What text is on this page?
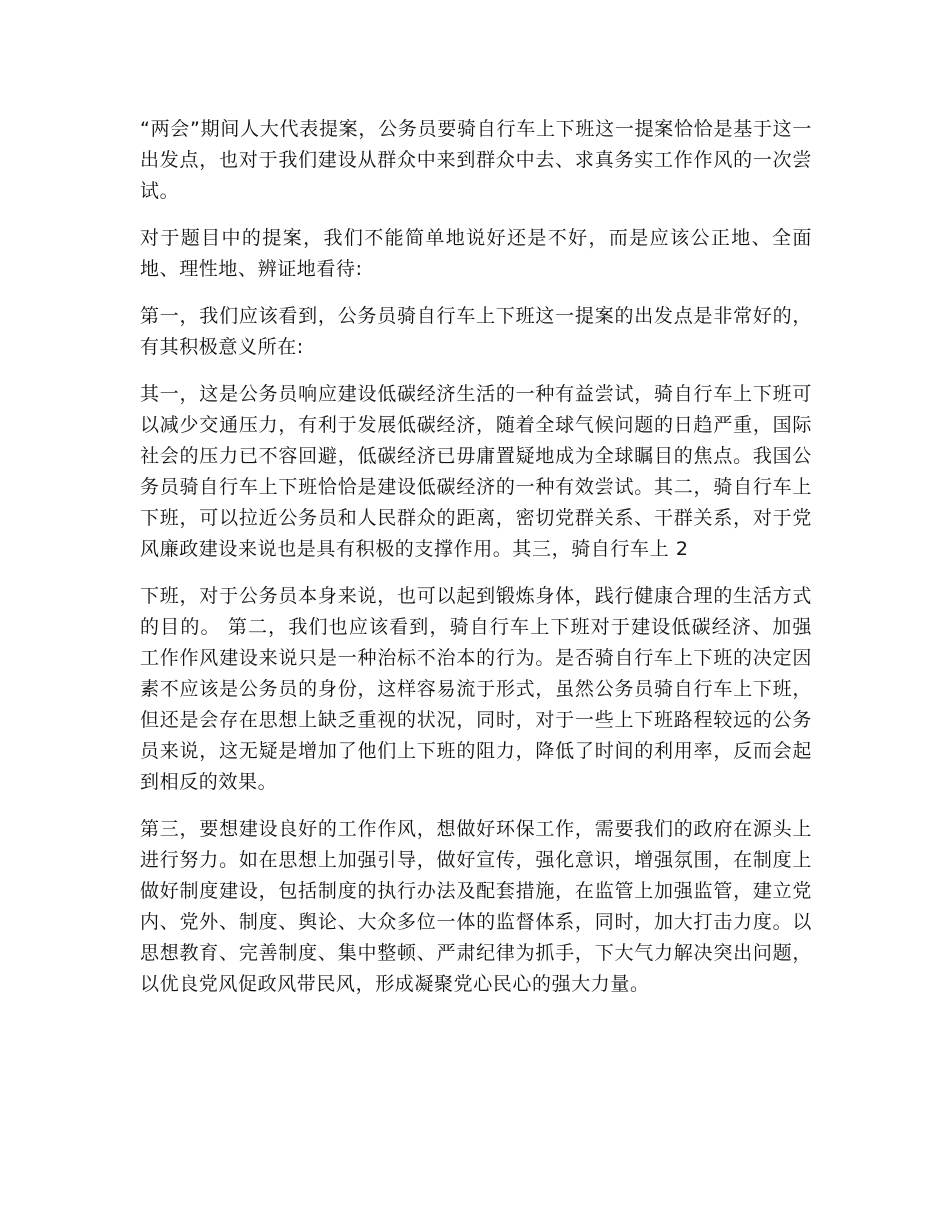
“两会”期间人大代表提案，公务员要骑自行车上下班这一提案恰恰是基于这一出发点，也对于我们建设从群众中来到群众中去、求真务实工作作风的一次尝试。

对于题目中的提案，我们不能简单地说好还是不好，而是应该公正地、全面地、理性地、辨证地看待:

第一，我们应该看到，公务员骑自行车上下班这一提案的出发点是非常好的，有其积极意义所在:

其一，这是公务员响应建设低碳经济生活的一种有益尝试，骑自行车上下班可以减少交通压力，有利于发展低碳经济，随着全球气候问题的日趋严重，国际社会的压力已不容回避，低碳经济已毋庸置疑地成为全球瞩目的焦点。我国公务员骑自行车上下班恰恰是建设低碳经济的一种有效尝试。其二，骑自行车上下班，可以拉近公务员和人民群众的距离，密切党群关系、干群关系，对于党风廉政建设来说也是具有积极的支撑作用。其三，骑自行车上 2

下班，对于公务员本身来说，也可以起到锻炼身体，践行健康合理的生活方式的目的。 第二，我们也应该看到，骑自行车上下班对于建设低碳经济、加强工作作风建设来说只是一种治标不治本的行为。是否骑自行车上下班的决定因素不应该是公务员的身份，这样容易流于形式，虽然公务员骑自行车上下班，但还是会存在思想上缺乏重视的状况，同时，对于一些上下班路程较远的公务员来说，这无疑是增加了他们上下班的阻力，降低了时间的利用率，反而会起到相反的效果。

第三，要想建设良好的工作作风，想做好环保工作，需要我们的政府在源头上进行努力。如在思想上加强引导，做好宣传，强化意识，增强氛围，在制度上做好制度建设，包括制度的执行办法及配套措施，在监管上加强监管，建立党内、党外、制度、舆论、大众多位一体的监督体系，同时，加大打击力度。以思想教育、完善制度、集中整顿、严肃纪律为抓手，下大气力解决突出问题，以优良党风促政风带民风，形成凝聚党心民心的强大力量。
